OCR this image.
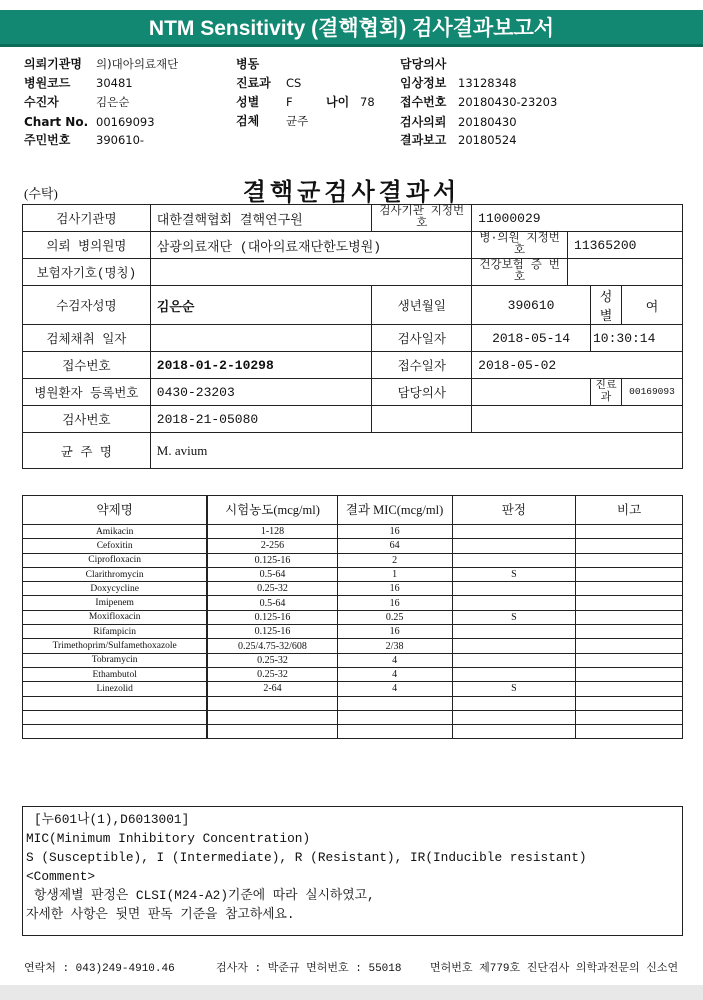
NTM Sensitivity (결핵협회) 검사결과보고서
의뢰기관명 의)대아의료재단
병원코드 30481
수진자	김은순
Chart No. 00169093
주민번호 390610-
병동
진료과 CS
성별 F	나이 78
검체 균주
담당의사
임상정보 13128348
접수번호 20180430-23203
검사의뢰 20180430
결과보고 20180524
(수탁)	결핵균검사결과서
검사기관명	대한결핵협회 결핵연구원	검사기관 지정번호	11000029			
의뢰 병의원명	삼광의료재단 (대아의료재단한도병원)		병·의원 지정번호	11365200		
보험자기호(명칭)			건강보험 증 번 호			
수검자성명	김은순	생년월일	390610		성별	여
검체채취 일자		검사일자	2018-05-14		10:30:14	
접수번호	2018-01-2-10298	접수일자	2018-05-02			
병원환자 등록번호	0430-23203	담당의사			진료과	00169093
검사번호	2018-21-05080					
균 주 명	M. avium					
약제명	시험농도(mcg/ml)	결과 MIC(mcg/ml)	판정	비고
Amikacin	1-128	16		
Cefoxitin	2-256	64		
Ciprofloxacin	0.125-16	2		
Clarithromycin	0.5-64	1	S	
Doxycycline	0.25-32	16		
Imipenem	0.5-64	16		
Moxifloxacin	0.125-16	0.25	S	
Rifampicin	0.125-16	16		
Trimethoprim/Sulfamethoxazole	0.25/4.75-32/608	2/38		
Tobramycin	0.25-32	4		
Ethambutol	0.25-32	4		
Linezolid	2-64	4	S	

[누601나(1),D6013001]
MIC(Minimum Inhibitory Concentration)
S (Susceptible), I (Intermediate), R (Resistant), IR(Inducible resistant)
<Comment>
항생제별 판정은 CLSI(M24-A2)기준에 따라 실시하였고,
자세한 사항은 뒷면 판독 기준을 참고하세요.
연락처 : 043)249-4910.46	검사자 : 박준규 면허번호 : 55018	면허번호 제779호 진단검사 의학과전문의 신소연
